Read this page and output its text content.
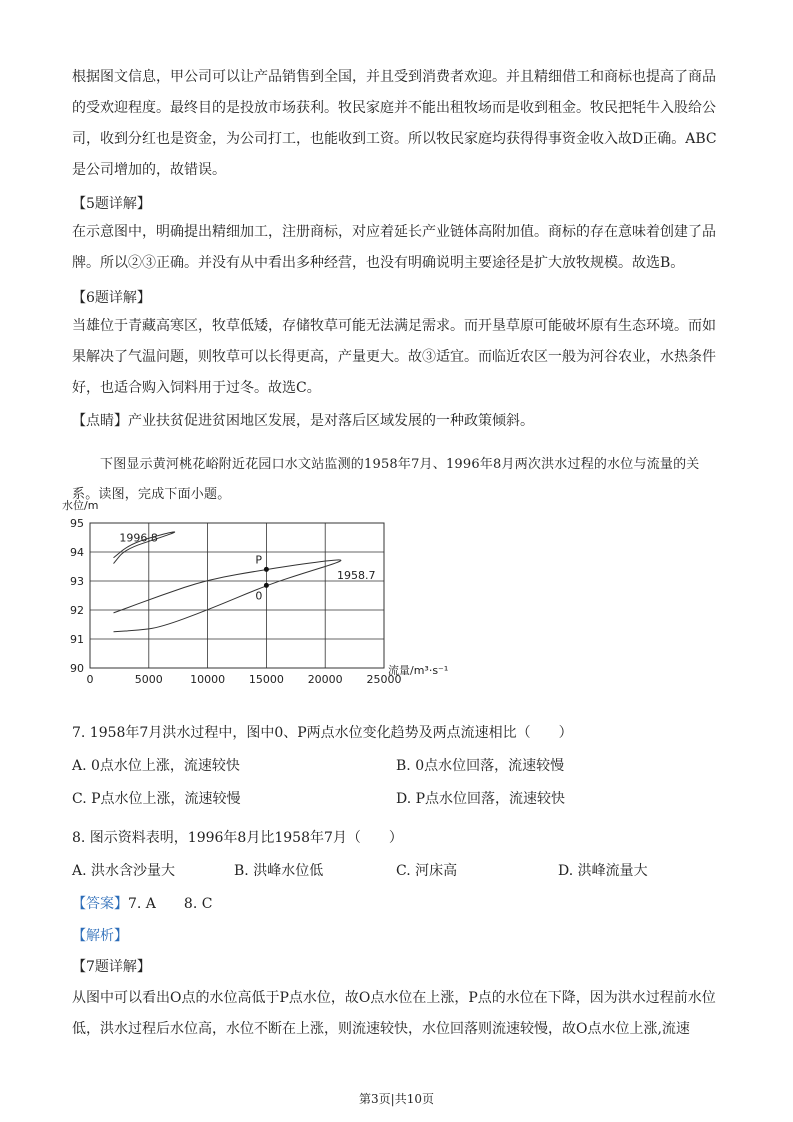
根据图文信息，甲公司可以让产品销售到全国，并且受到消费者欢迎。并且精细借工和商标也提高了商品的受欢迎程度。最终目的是投放市场获利。牧民家庭并不能出租牧场而是收到租金。牧民把牦牛入股给公司，收到分红也是资金，为公司打工，也能收到工资。所以牧民家庭均获得得事资金收入故D正确。ABC是公司增加的，故错误。

【5题详解】

在示意图中，明确提出精细加工，注册商标，对应着延长产业链体高附加值。商标的存在意味着创建了品牌。所以②③正确。并没有从中看出多种经营，也没有明确说明主要途径是扩大放牧规模。故选B。

【6题详解】

当雄位于青藏高寒区，牧草低矮，存储牧草可能无法满足需求。而开垦草原可能破坏原有生态环境。而如果解决了气温问题，则牧草可以长得更高，产量更大。故③适宜。而临近农区一般为河谷农业，水热条件好，也适合购入饲料用于过冬。故选C。

【点睛】产业扶贫促进贫困地区发展，是对落后区域发展的一种政策倾斜。

下图显示黄河桃花峪附近花园口水文站监测的1958年7月、1996年8月两次洪水过程的水位与流量的关系。读图，完成下面小题。

0	5000 10000 15000 20000 25000
90
91
92
93
94
95
1996.8
1958.7
P
0
水位/m
流量/m³·s⁻¹
7. 1958年7月洪水过程中，图中0、P两点水位变化趋势及两点流速相比（　　）
A. 0点水位上涨，流速较快	B. 0点水位回落，流速较慢
C. P点水位上涨，流速较慢	D. P点水位回落，流速较快
8. 图示资料表明，1996年8月比1958年7月（　　）
A. 洪水含沙量大	B. 洪峰水位低	C. 河床高	D. 洪峰流量大
【答案】7. A　　8. C
【解析】
【7题详解】

从图中可以看出O点的水位高低于P点水位，故O点水位在上涨，P点的水位在下降，因为洪水过程前水位低，洪水过程后水位高，水位不断在上涨，则流速较快，水位回落则流速较慢，故O点水位上涨,流速

第3页|共10页
